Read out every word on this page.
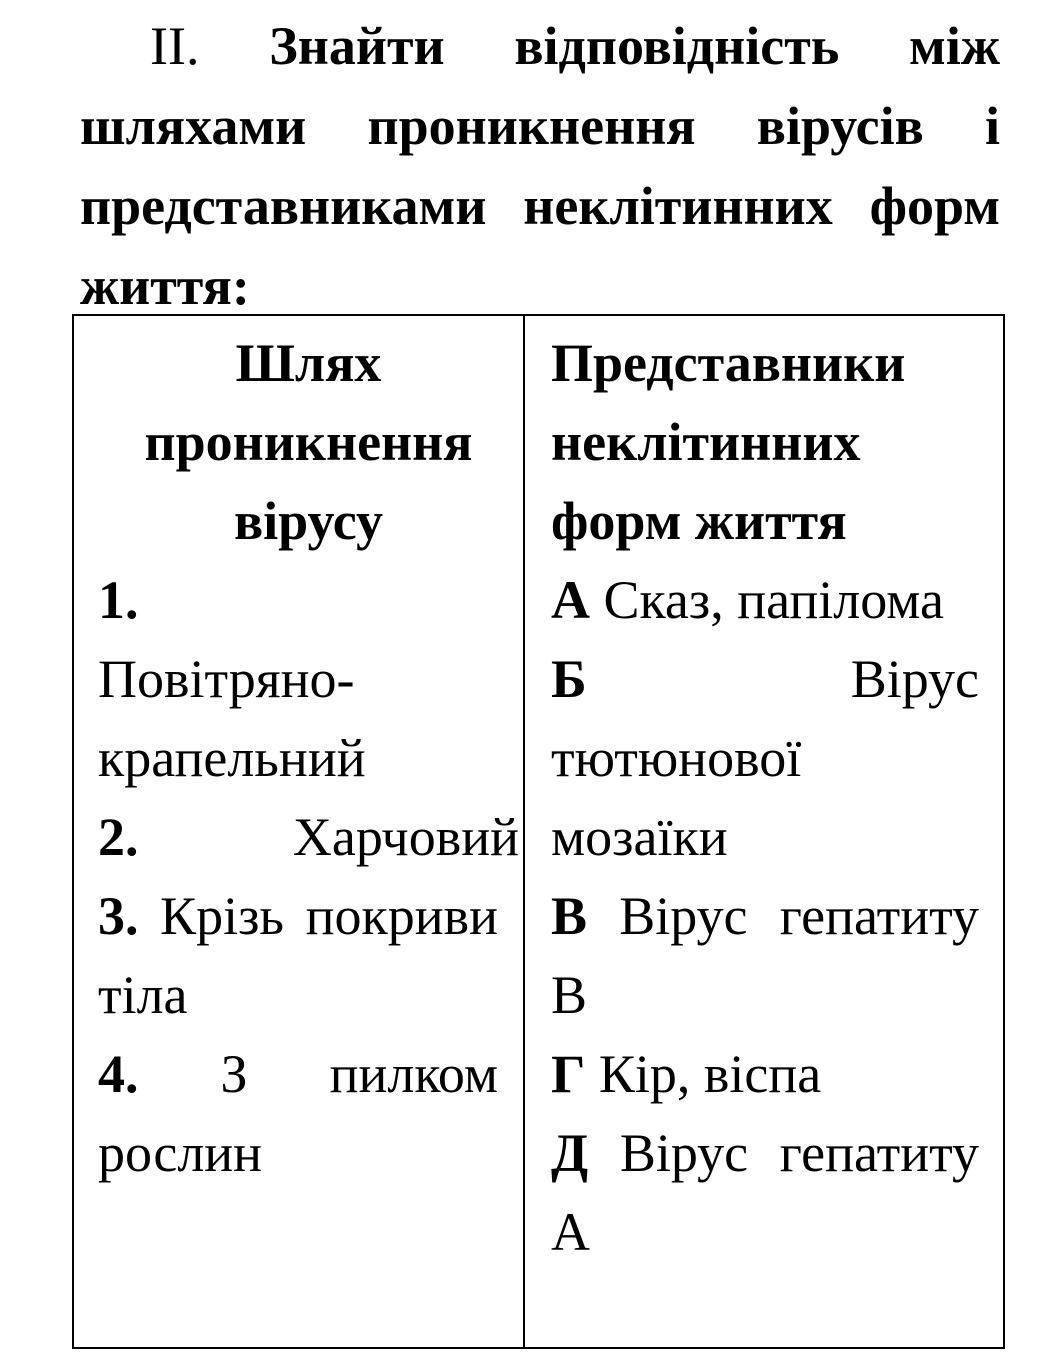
II. Знайти відповідність між шляхами проникнення вірусів і представниками неклітинних форм життя:

Шлях проникнення вірусу

1.
Повітряно-крапельний

2.	Харчовий

3. Крізь покриви тіла

4. З пилком рослин

Представники неклітинних форм життя

А Сказ, папілома

Б	Вірус тютюнової мозаїки

В Вірус гепатиту В

Г Кір, віспа

Д Вірус гепатиту А
